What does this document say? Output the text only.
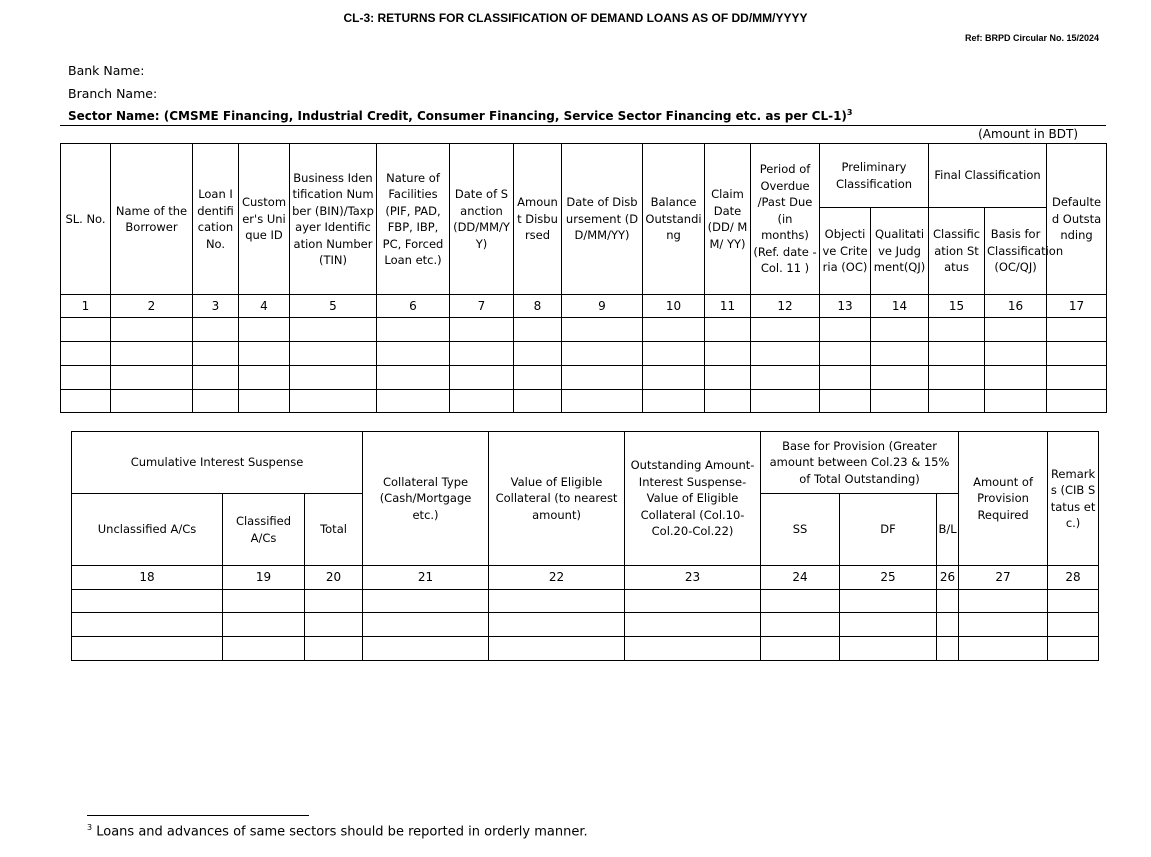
CL-3: RETURNS FOR CLASSIFICATION OF DEMAND LOANS AS OF DD/MM/YYYY
Ref: BRPD Circular No. 15/2024
Bank Name:
Branch Name:
Sector Name: (CMSME Financing, Industrial Credit, Consumer Financing, Service Sector Financing etc. as per CL-1)$^3$
(Amount in BDT)
SL. No.	Name of the Borrower	Loan Identification No.	Customer's Unique ID	Business Identification Number (BIN)/Taxpayer Identification Number (TIN)	Nature of Facilities (PIF, PAD, FBP, IBP, PC, Forced Loan etc.)	Date of Sanction (DD/MM/YY)	Amount Disbursed	Date of Disbursement (DD/MM/YY)	Balance Outstanding	Claim Date (DD/ MM/ YY)	Period of Overdue /Past Due (in months) (Ref. date - Col. 11 )	Preliminary Classification		Final Classification		Defaulted Outstanding
												Objective Criteria (OC)	Qualitative Judgment(QJ)	Classification Status	Basis for Classification (OC/QJ)	
1	2	3	4	5	6	7	8	9	10	11	12	13	14	15	16	17

Cumulative Interest Suspense			Collateral Type (Cash/Mortgage etc.)	Value of Eligible Collateral (to nearest amount)	Outstanding Amount-Interest Suspense-Value of Eligible Collateral (Col.10-Col.20-Col.22)	Base for Provision (Greater amount between Col.23 & 15% of Total Outstanding)			Amount of Provision Required	Remarks (CIB Status etc.)
Unclassified A/Cs	Classified A/Cs	Total				SS	DF	B/L		
18	19	20	21	22	23	24	25	26	27	28

$^3$ Loans and advances of same sectors should be reported in orderly manner.
